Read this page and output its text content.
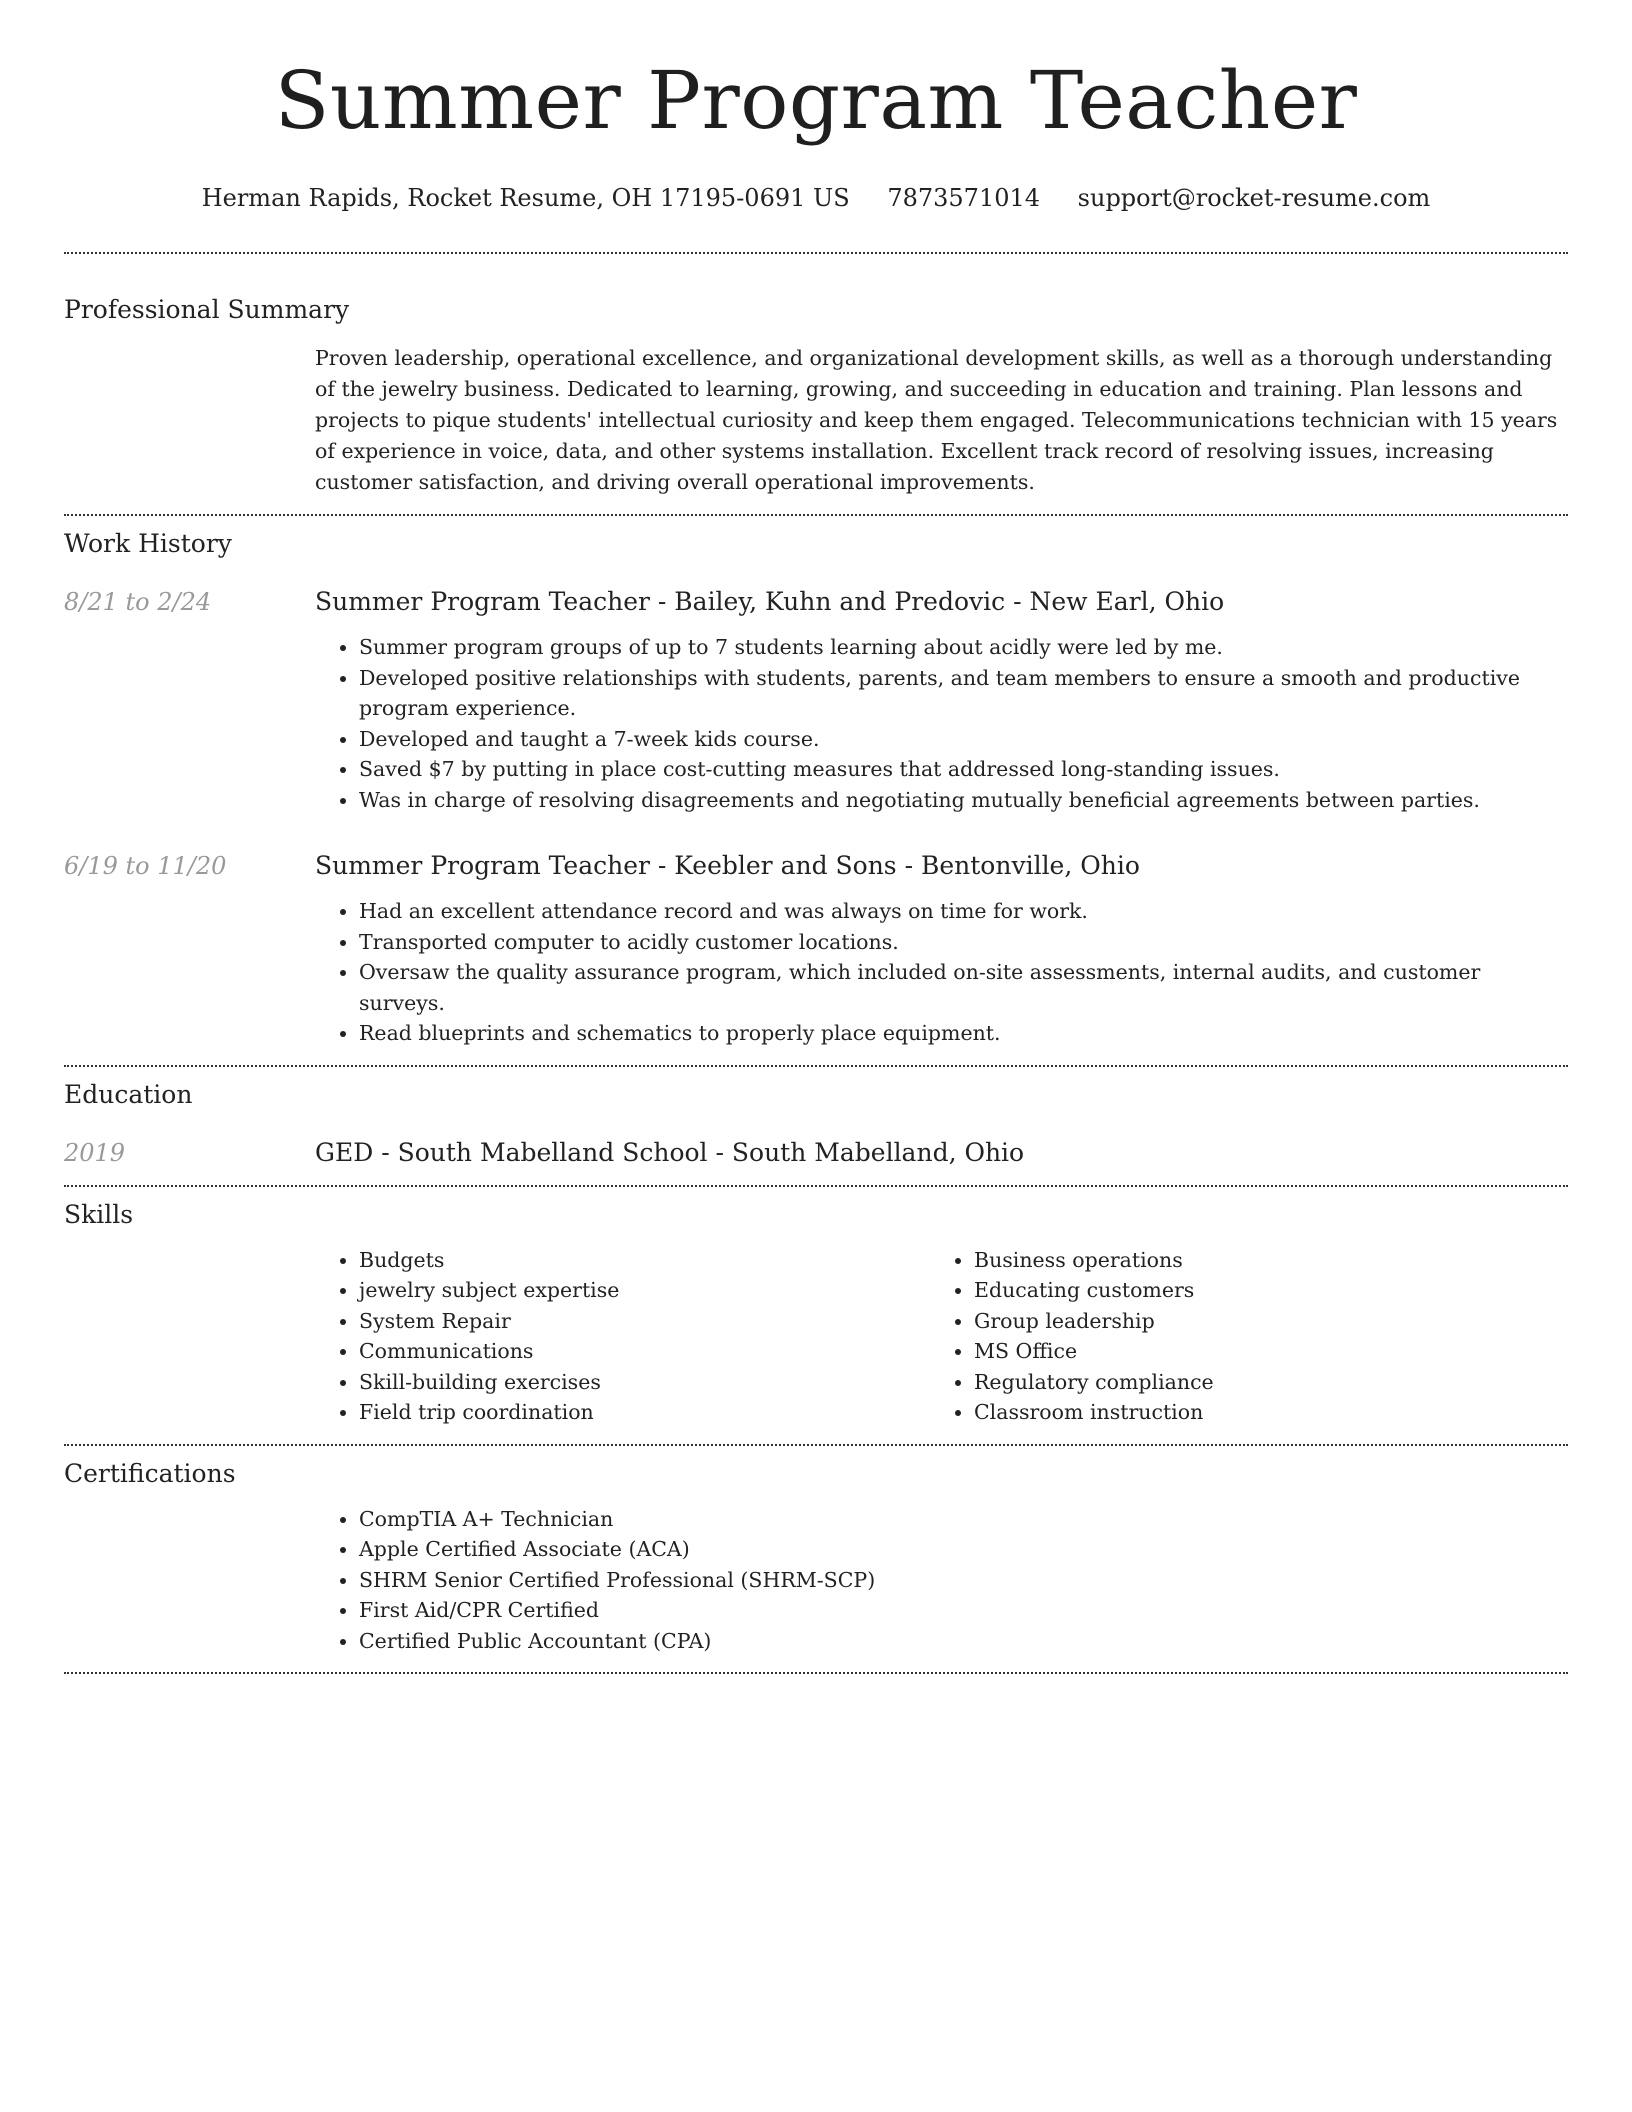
Summer Program Teacher
Herman Rapids, Rocket Resume, OH 17195-0691 US 7873571014 support@rocket-resume.com
Professional Summary

Proven leadership, operational excellence, and organizational development skills, as well as a thorough understanding of the jewelry business. Dedicated to learning, growing, and succeeding in education and training. Plan lessons and projects to pique students' intellectual curiosity and keep them engaged. Telecommunications technician with 15 years of experience in voice, data, and other systems installation. Excellent track record of resolving issues, increasing customer satisfaction, and driving overall operational improvements.

Work History
8/21 to 2/24	Summer Program Teacher - Bailey, Kuhn and Predovic - New Earl, Ohio

• Summer program groups of up to 7 students learning about acidly were led by me.
• Developed positive relationships with students, parents, and team members to ensure a smooth and productive program experience.
• Developed and taught a 7-week kids course.
• Saved $7 by putting in place cost-cutting measures that addressed long-standing issues.
• Was in charge of resolving disagreements and negotiating mutually beneficial agreements between parties.
6/19 to 11/20	Summer Program Teacher - Keebler and Sons - Bentonville, Ohio

• Had an excellent attendance record and was always on time for work.
• Transported computer to acidly customer locations.
• Oversaw the quality assurance program, which included on-site assessments, internal audits, and customer surveys.
• Read blueprints and schematics to properly place equipment.
Education
2019	GED - South Mabelland School - South Mabelland, Ohio

Skills
• Budgets
• jewelry subject expertise
• System Repair
• Communications
• Skill-building exercises
• Field trip coordination
• Business operations
• Educating customers
• Group leadership
• MS Office
• Regulatory compliance
• Classroom instruction
Certifications
• CompTIA A+ Technician
• Apple Certified Associate (ACA)
• SHRM Senior Certified Professional (SHRM-SCP)
• First Aid/CPR Certified
• Certified Public Accountant (CPA)
